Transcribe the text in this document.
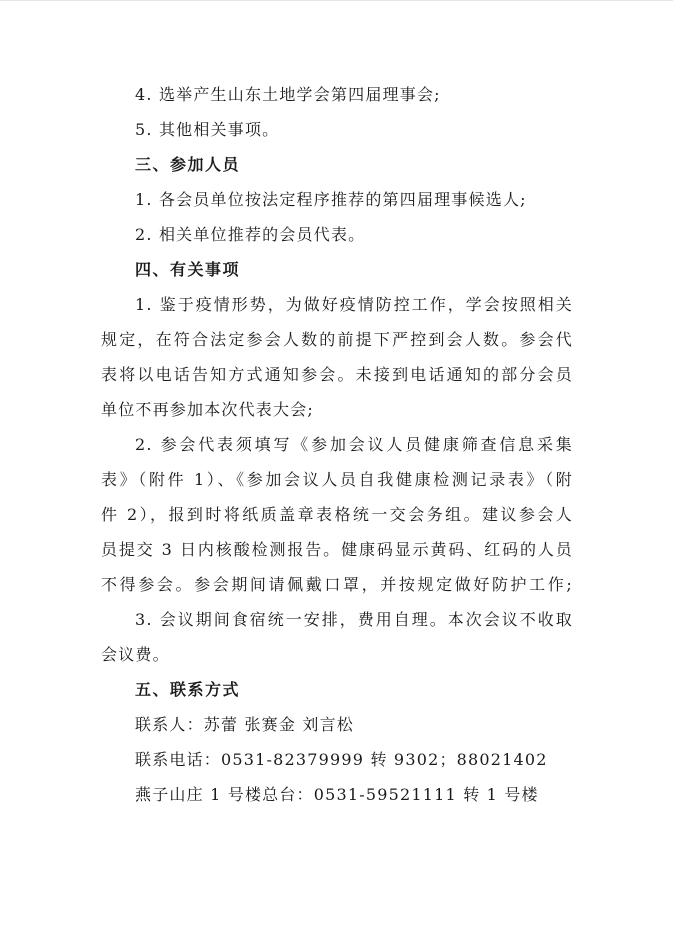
4. 选举产生山东土地学会第四届理事会;
5. 其他相关事项。
三、参加人员
1. 各会员单位按法定程序推荐的第四届理事候选人;
2. 相关单位推荐的会员代表。
四、有关事项
1. 鉴于疫情形势，为做好疫情防控工作，学会按照相关
规定，在符合法定参会人数的前提下严控到会人数。参会代
表将以电话告知方式通知参会。未接到电话通知的部分会员
单位不再参加本次代表大会;
2. 参会代表须填写《参加会议人员健康筛查信息采集
表》（附件 1）、《参加会议人员自我健康检测记录表》（附
件 2），报到时将纸质盖章表格统一交会务组。建议参会人
员提交 3 日内核酸检测报告。健康码显示黄码、红码的人员
不得参会。参会期间请佩戴口罩，并按规定做好防护工作;
3. 会议期间食宿统一安排，费用自理。本次会议不收取
会议费。
五、联系方式
联系人：苏蕾 张赛金 刘言松
联系电话：0531-82379999 转 9302；88021402
燕子山庄 1 号楼总台：0531-59521111 转 1 号楼
